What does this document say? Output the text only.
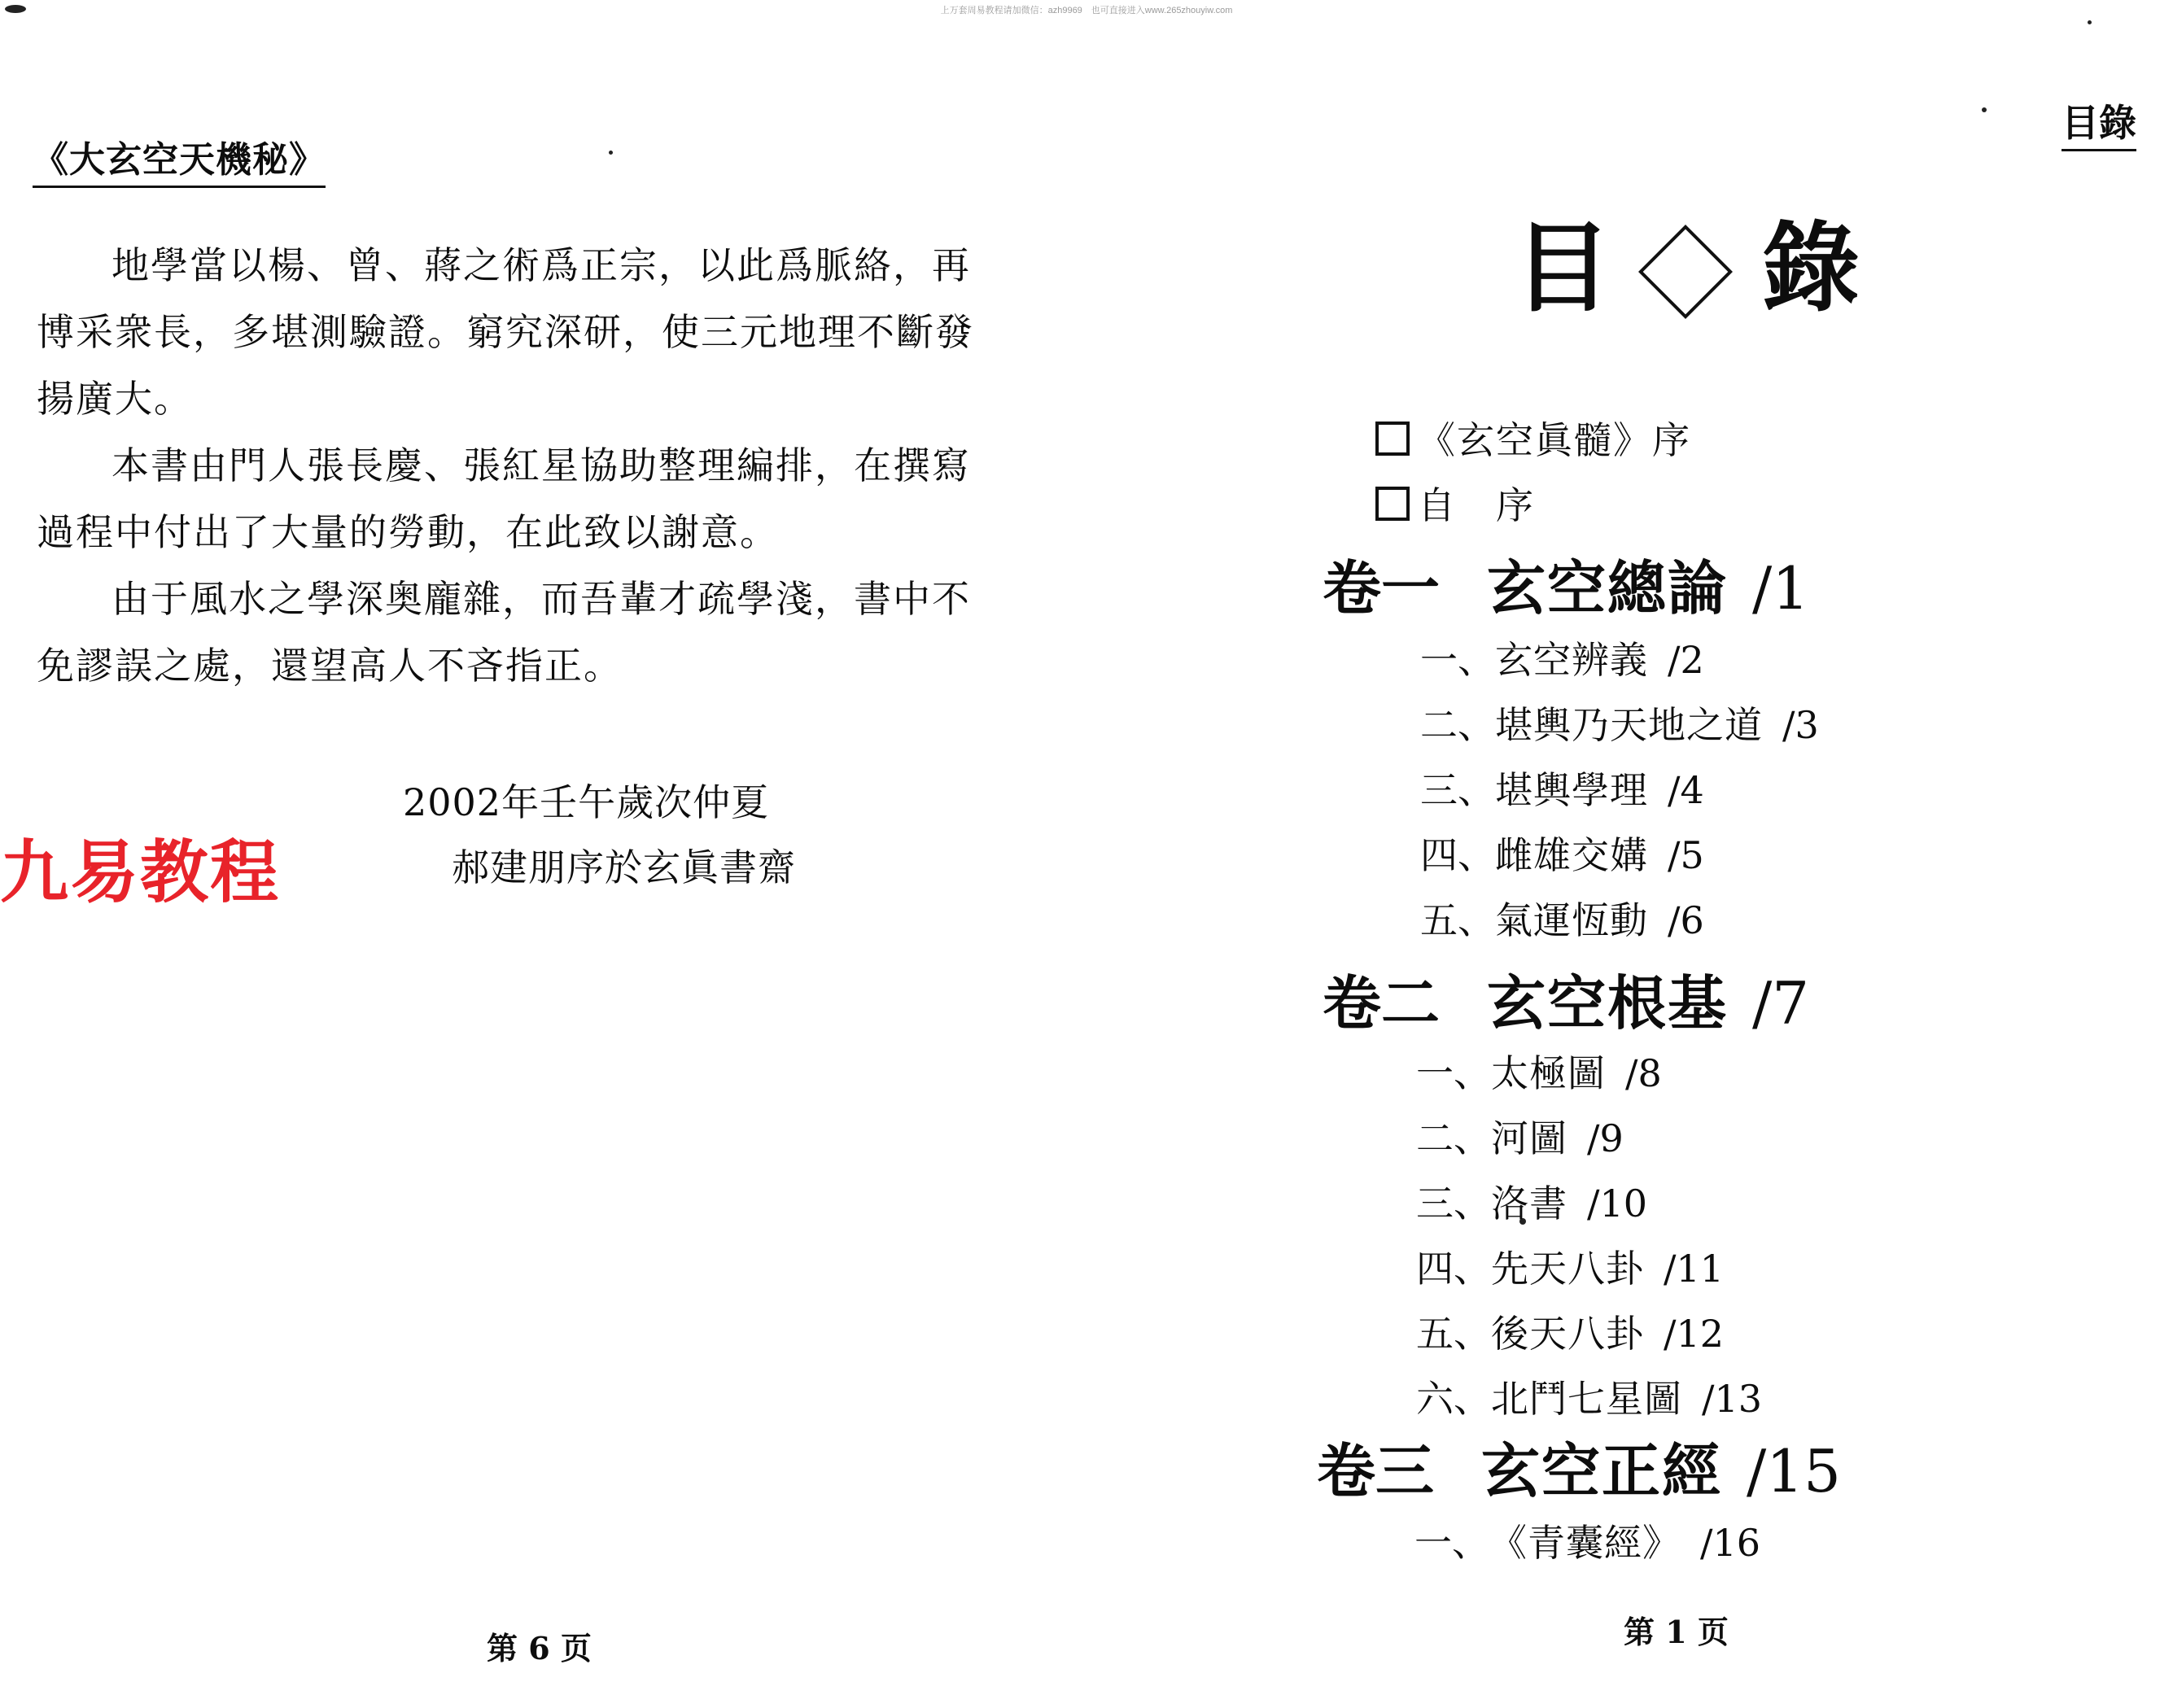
上万套周易教程请加微信：azh9969　也可直接进入www.265zhouyiw.com
《大玄空天機秘》

地學當以楊、曾、蔣之術爲正宗，以此爲脈絡，再博采衆長，多堪測驗證。窮究深研，使三元地理不斷發揚廣大。

本書由門人張長慶、張紅星協助整理編排，在撰寫過程中付出了大量的勞動，在此致以謝意。

由于風水之學深奥龐雜，而吾輩才疏學淺，書中不免謬誤之處，還望高人不吝指正。

2002年壬午歲次仲夏
郝建朋序於玄眞書齋
九易教程
第 6 页
目錄
目 錄
《玄空眞髓》序
自　序
卷一 玄空總論 /1
一、 玄空辨義 /2
二、 堪輿乃天地之道 /3
三、 堪輿學理 /4
四、 雌雄交媾 /5
五、 氣運恆動 /6
卷二 玄空根基 /7
一、 太極圖 /8
二、 河圖 /9
三、 洛書 /10
四、 先天八卦 /11
五、 後天八卦 /12
六、 北鬥七星圖 /13
卷三 玄空正經 /15
一、 《青囊經》 /16
第 1 页
